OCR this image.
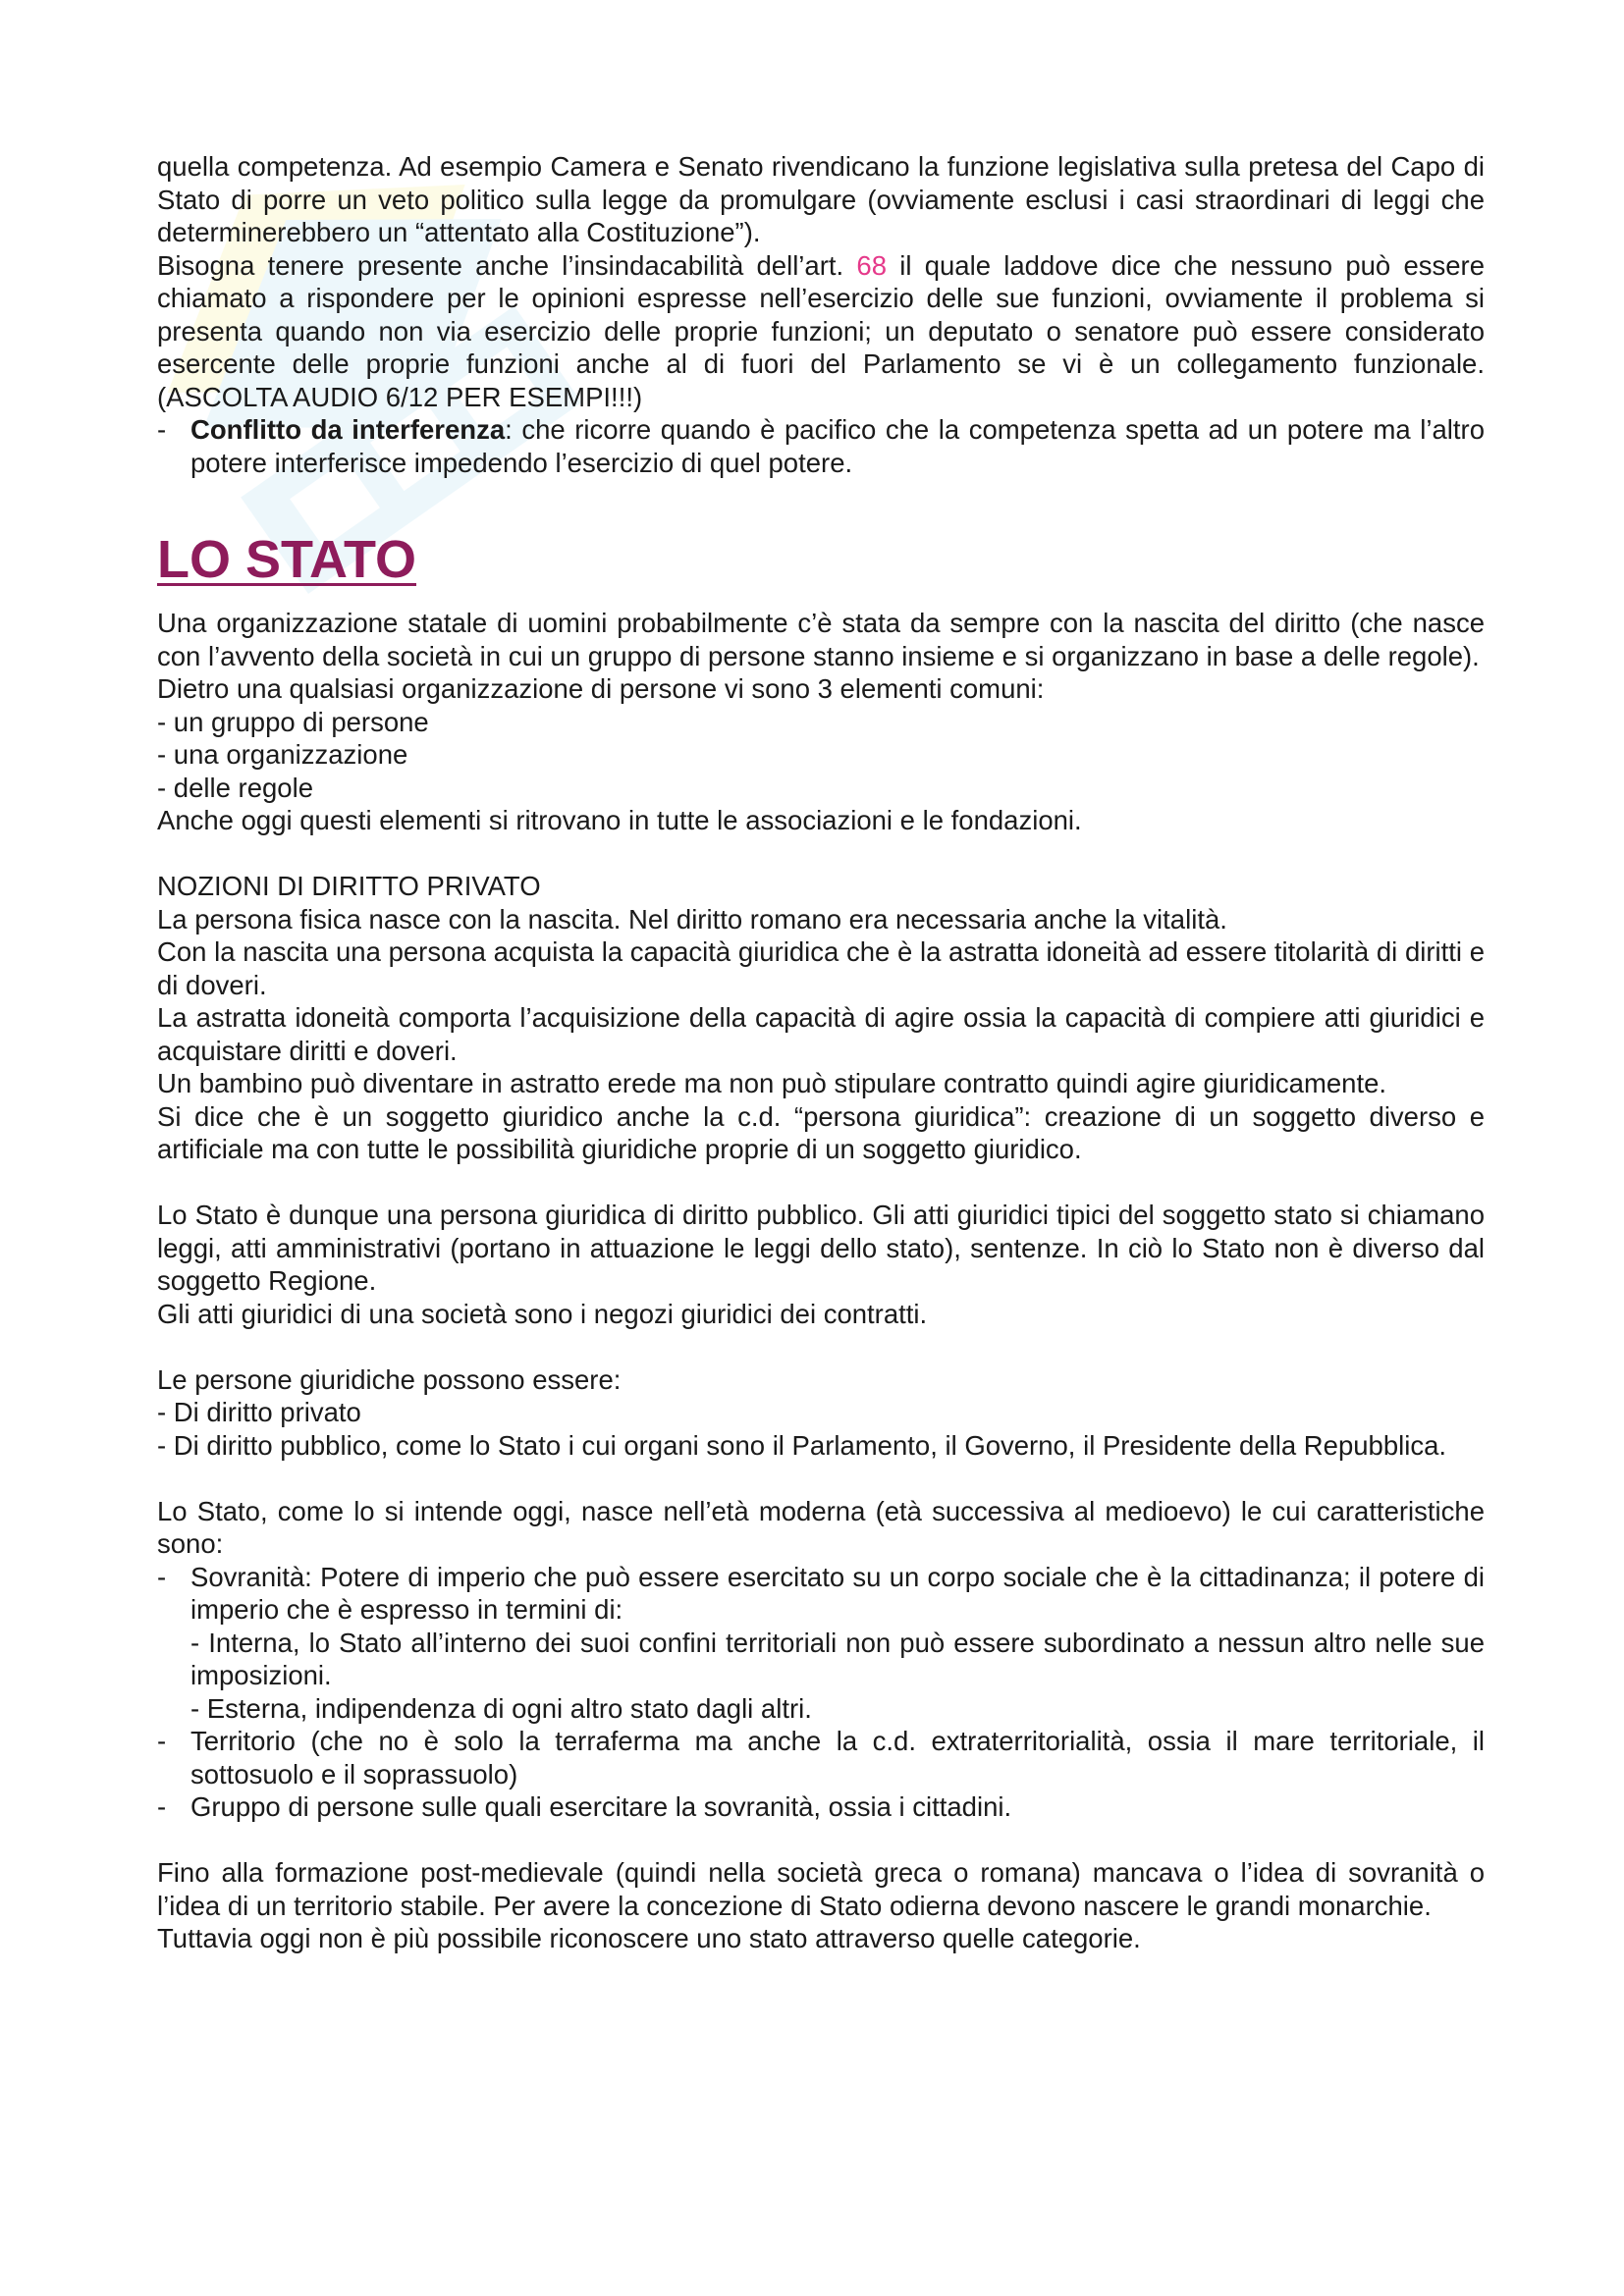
quella competenza. Ad esempio Camera e Senato rivendicano la funzione legislativa sulla pretesa del Capo di Stato di porre un veto politico sulla legge da promulgare (ovviamente esclusi i casi straordinari di leggi che determinerebbero un “attentato alla Costituzione”).

Bisogna tenere presente anche l’insindacabilità dell’art. 68 il quale laddove dice che nessuno può essere chiamato a rispondere per le opinioni espresse nell’esercizio delle sue funzioni, ovviamente il problema si presenta quando non via esercizio delle proprie funzioni; un deputato o senatore può essere considerato esercente delle proprie funzioni anche al di fuori del Parlamento se vi è un collegamento funzionale. (ASCOLTA AUDIO 6/12 PER ESEMPI!!!)

- Conflitto da interferenza: che ricorre quando è pacifico che la competenza spetta ad un potere ma l’altro potere interferisce impedendo l’esercizio di quel potere.
LO STATO

Una organizzazione statale di uomini probabilmente c’è stata da sempre con la nascita del diritto (che nasce con l’avvento della società in cui un gruppo di persone stanno insieme e si organizzano in base a delle regole).

Dietro una qualsiasi organizzazione di persone vi sono 3 elementi comuni:

- un gruppo di persone

- una organizzazione

- delle regole

Anche oggi questi elementi si ritrovano in tutte le associazioni e le fondazioni.

NOZIONI DI DIRITTO PRIVATO

La persona fisica nasce con la nascita. Nel diritto romano era necessaria anche la vitalità.

Con la nascita una persona acquista la capacità giuridica che è la astratta idoneità ad essere titolarità di diritti e di doveri.

La astratta idoneità comporta l’acquisizione della capacità di agire ossia la capacità di compiere atti giuridici e acquistare diritti e doveri.

Un bambino può diventare in astratto erede ma non può stipulare contratto quindi agire giuridicamente.

Si dice che è un soggetto giuridico anche la c.d. “persona giuridica”: creazione di un soggetto diverso e artificiale ma con tutte le possibilità giuridiche proprie di un soggetto giuridico.

Lo Stato è dunque una persona giuridica di diritto pubblico. Gli atti giuridici tipici del soggetto stato si chiamano leggi, atti amministrativi (portano in attuazione le leggi dello stato), sentenze. In ciò lo Stato non è diverso dal soggetto Regione.

Gli atti giuridici di una società sono i negozi giuridici dei contratti.

Le persone giuridiche possono essere:

- Di diritto privato

- Di diritto pubblico, come lo Stato i cui organi sono il Parlamento, il Governo, il Presidente della Repubblica.

Lo Stato, come lo si intende oggi, nasce nell’età moderna (età successiva al medioevo) le cui caratteristiche sono:

- Sovranità: Potere di imperio che può essere esercitato su un corpo sociale che è la cittadinanza; il potere di imperio che è espresso in termini di:
- Interna, lo Stato all’interno dei suoi confini territoriali non può essere subordinato a nessun altro nelle sue imposizioni.
- Esterna, indipendenza di ogni altro stato dagli altri.
- Territorio (che no è solo la terraferma ma anche la c.d. extraterritorialità, ossia il mare territoriale, il sottosuolo e il soprassuolo)
- Gruppo di persone sulle quali esercitare la sovranità, ossia i cittadini.

Fino alla formazione post-medievale (quindi nella società greca o romana) mancava o l’idea di sovranità o l’idea di un territorio stabile. Per avere la concezione di Stato odierna devono nascere le grandi monarchie.

Tuttavia oggi non è più possibile riconoscere uno stato attraverso quelle categorie.
